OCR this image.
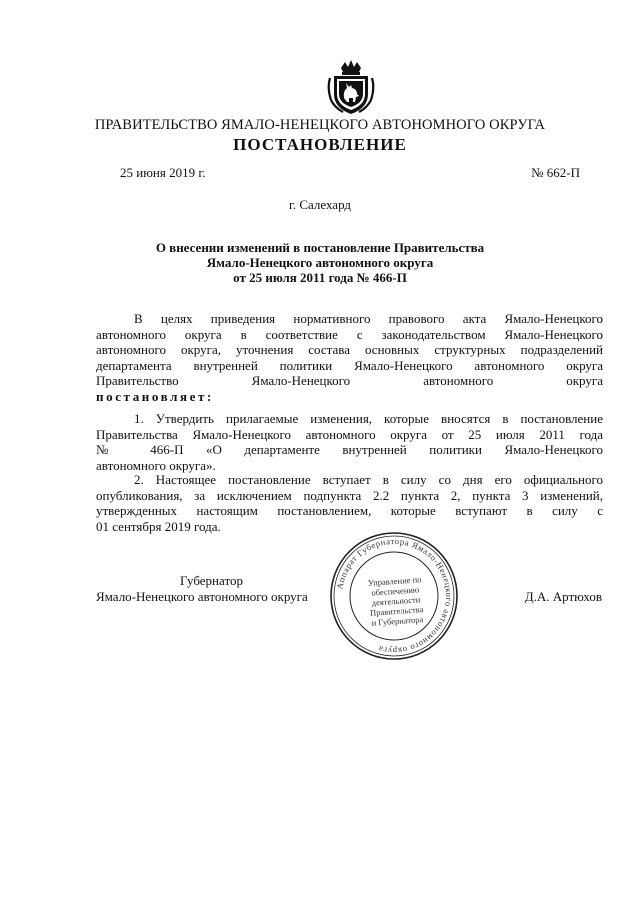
ПРАВИТЕЛЬСТВО ЯМАЛО-НЕНЕЦКОГО АВТОНОМНОГО ОКРУГА
ПОСТАНОВЛЕНИЕ
25 июня 2019 г.	№ 662-П
г. Салехард
О внесении изменений в постановление Правительства
Ямало-Ненецкого автономного округа
от 25 июля 2011 года № 466-П
В целях приведения нормативного правового акта Ямало-Ненецкого
автономного округа в соответствие с законодательством Ямало-Ненецкого
автономного округа, уточнения состава основных структурных подразделений
департамента внутренней политики Ямало-Ненецкого автономного округа
Правительство	Ямало-Ненецкого	автономного	округа
постановляет:
1. Утвердить прилагаемые изменения, которые вносятся в постановление
Правительства Ямало-Ненецкого автономного округа от 25 июля 2011 года
№ 466-П «О департаменте внутренней политики Ямало-Ненецкого
автономного округа».
2. Настоящее постановление вступает в силу со дня его официального
опубликования, за исключением подпункта 2.2 пункта 2, пункта 3 изменений,
утвержденных настоящим постановлением, которые вступают в силу с
01 сентября 2019 года.
Аппарат Губернатора Ямало-Ненецкого автономного округа
Управление по
обеспечению
деятельности
Правительства
и Губернатора
Губернатор
Ямало-Ненецкого автономного округа	Д.А. Артюхов
